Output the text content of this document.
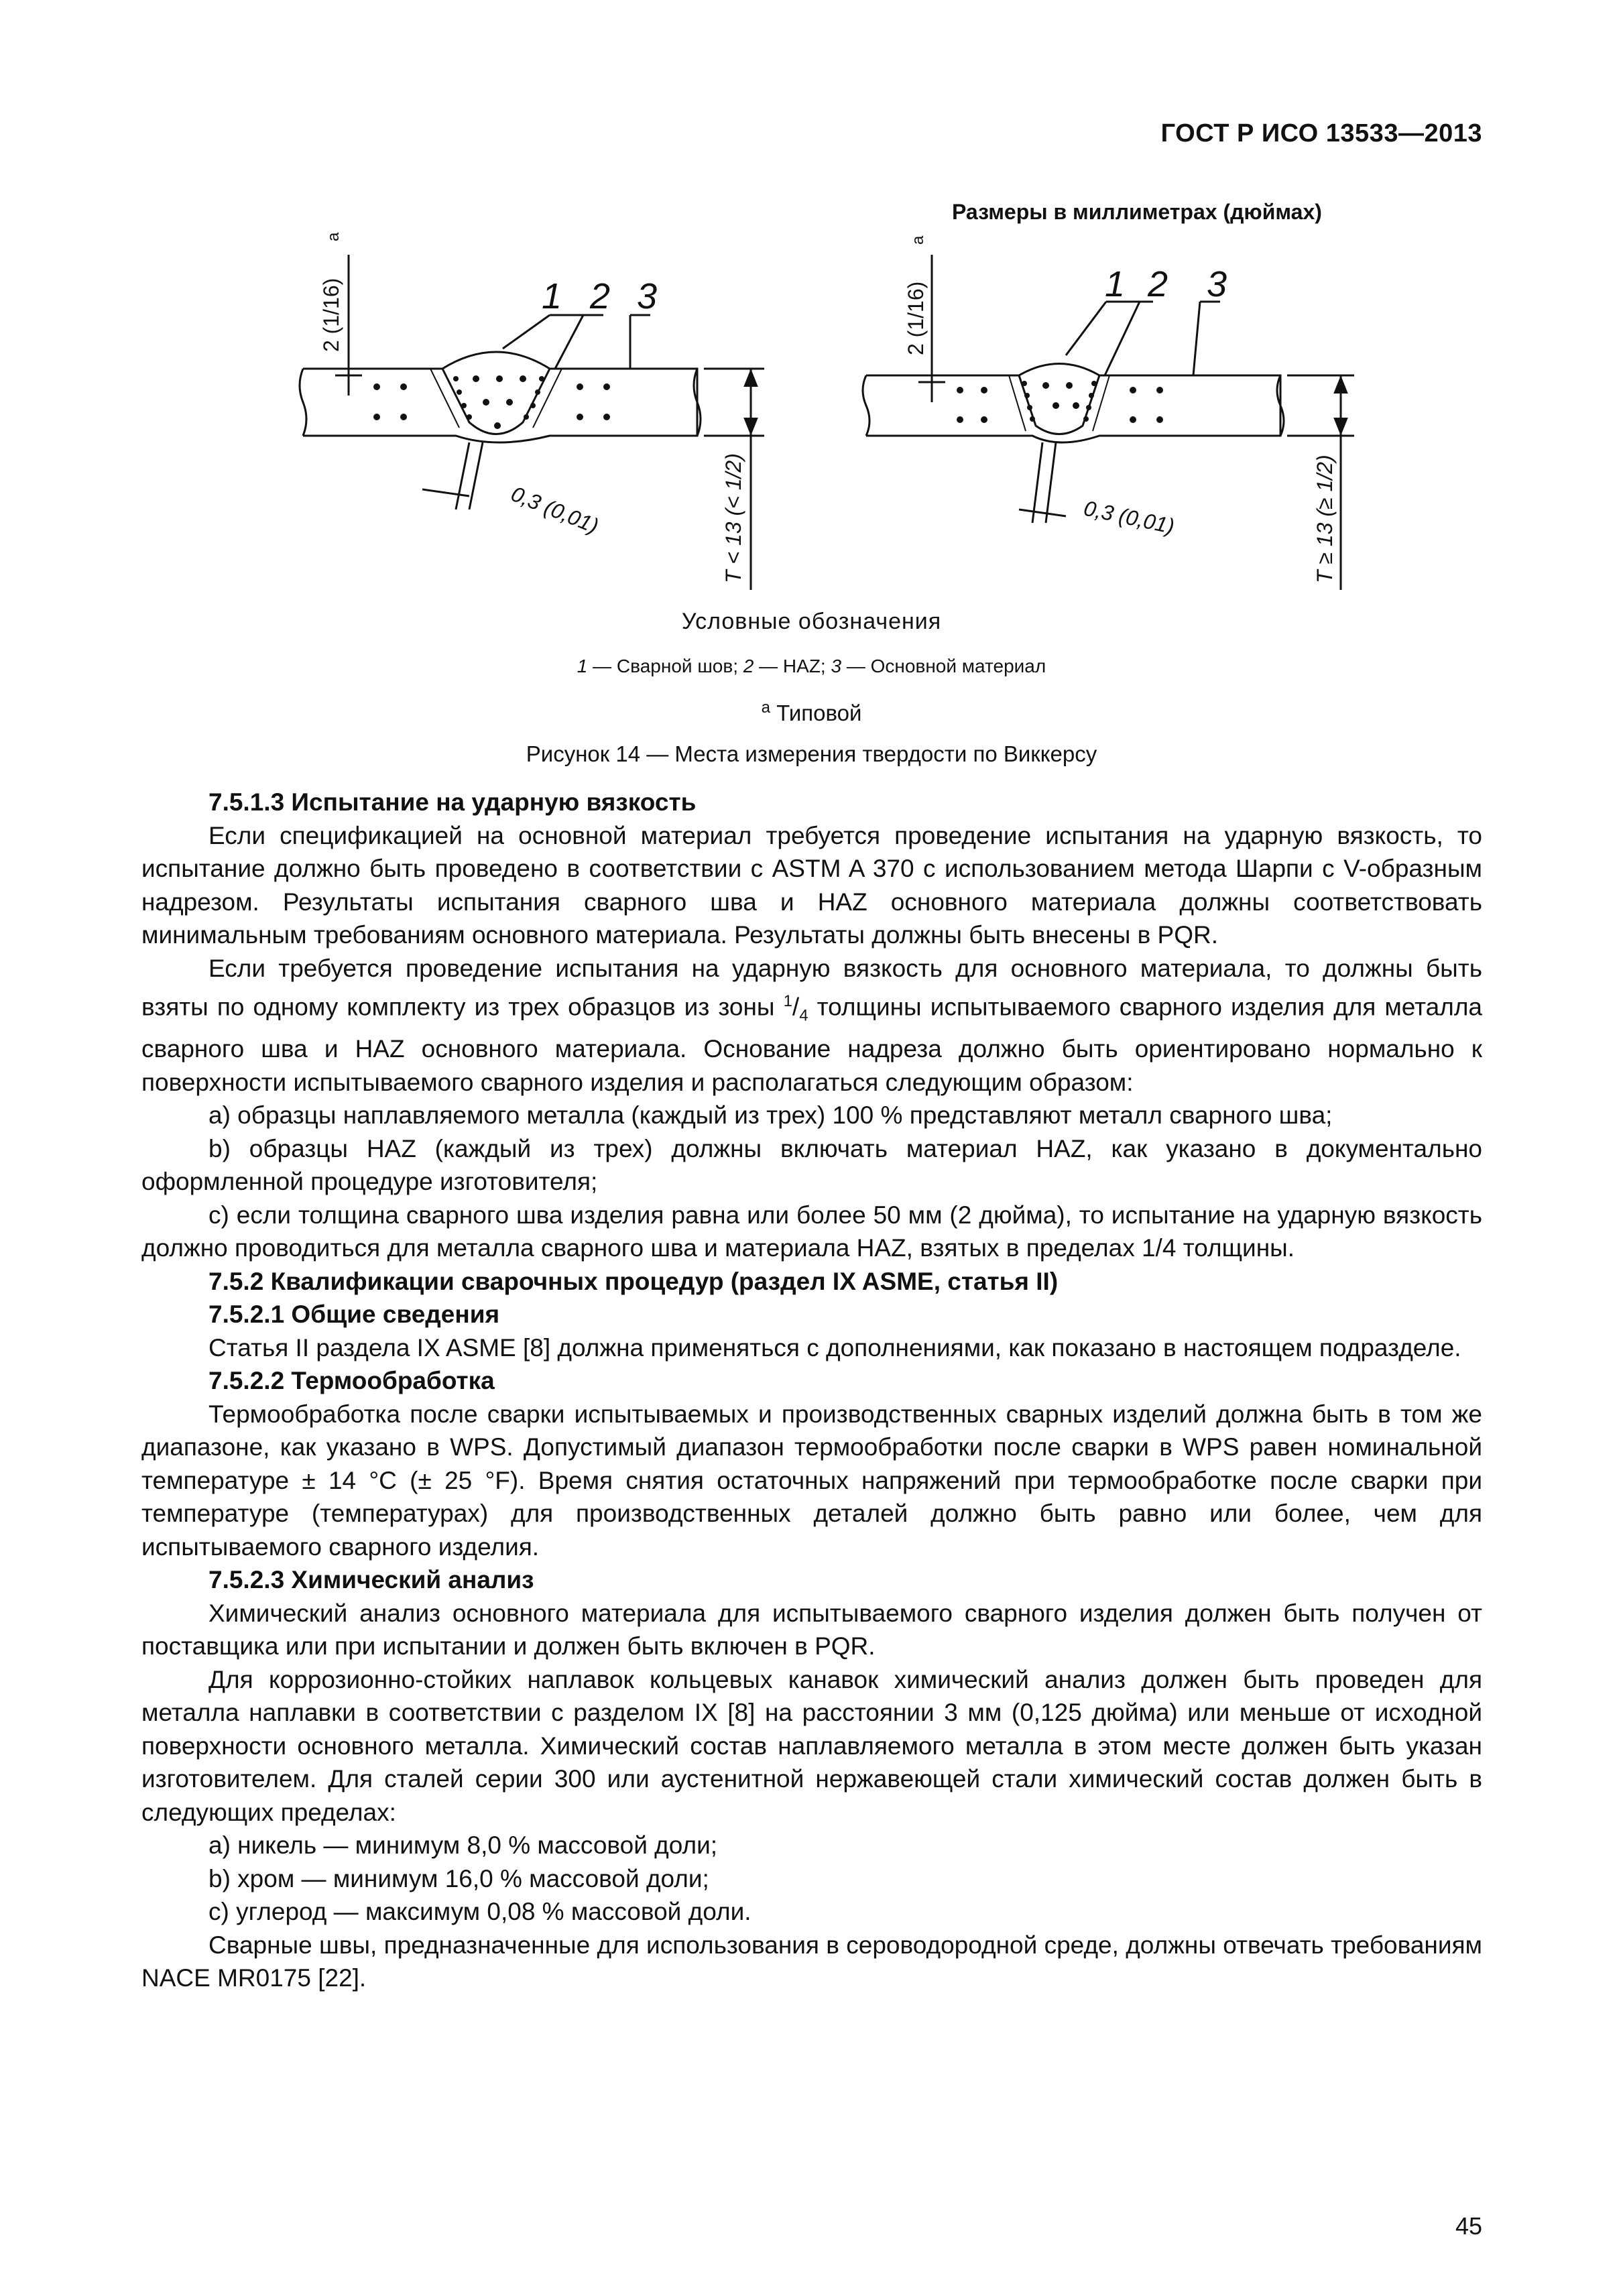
ГОСТ Р ИСО 13533—2013
Размеры в миллиметрах (дюймах)
1 2 3
2 (1/16)
а
0,3 (0,01)	T < 13 (< 1/2)
1 2 3
2 (1/16)
а
0,3 (0,01)	T ≥ 13 (≥ 1/2)
Условные обозначения
1 — Сварной шов; 2 — HAZ; 3 — Основной материал
$^а$ Типовой
Рисунок 14 — Места измерения твердости по Виккерсу

7.5.1.3 Испытание на ударную вязкость

Если спецификацией на основной материал требуется проведение испытания на ударную вязкость, то испытание должно быть проведено в соответствии с ASTM A 370 с использованием метода Шарпи с V-образным надрезом. Результаты испытания сварного шва и HAZ основного материала должны соответствовать минимальным требованиям основного материала. Результаты должны быть внесены в PQR.

Если требуется проведение испытания на ударную вязкость для основного материала, то должны быть взяты по одному комплекту из трех образцов из зоны $^1/_4$ толщины испытываемого сварного изделия для металла сварного шва и HAZ основного материала. Основание надреза должно быть ориентировано нормально к поверхности испытываемого сварного изделия и располагаться следующим образом:

а) образцы наплавляемого металла (каждый из трех) 100 % представляют металл сварного шва;

b) образцы HAZ (каждый из трех) должны включать материал HAZ, как указано в документально оформленной процедуре изготовителя;

c) если толщина сварного шва изделия равна или более 50 мм (2 дюйма), то испытание на ударную вязкость должно проводиться для металла сварного шва и материала HAZ, взятых в пределах 1/4 толщины.

7.5.2 Квалификации сварочных процедур (раздел IX ASME, статья II)

7.5.2.1 Общие сведения

Статья II раздела IX ASME [8] должна применяться с дополнениями, как показано в настоящем подразделе.

7.5.2.2 Термообработка

Термообработка после сварки испытываемых и производственных сварных изделий должна быть в том же диапазоне, как указано в WPS. Допустимый диапазон термообработки после сварки в WPS равен номинальной температуре ± 14 °C (± 25 °F). Время снятия остаточных напряжений при термообработке после сварки при температуре (температурах) для производственных деталей должно быть равно или более, чем для испытываемого сварного изделия.

7.5.2.3 Химический анализ

Химический анализ основного материала для испытываемого сварного изделия должен быть получен от поставщика или при испытании и должен быть включен в PQR.

Для коррозионно-стойких наплавок кольцевых канавок химический анализ должен быть проведен для металла наплавки в соответствии с разделом IX [8] на расстоянии 3 мм (0,125 дюйма) или меньше от исходной поверхности основного металла. Химический состав наплавляемого металла в этом месте должен быть указан изготовителем. Для сталей серии 300 или аустенитной нержавеющей стали химический состав должен быть в следующих пределах:

а) никель — минимум 8,0 % массовой доли;

b) хром — минимум 16,0 % массовой доли;

c) углерод — максимум 0,08 % массовой доли.

Сварные швы, предназначенные для использования в сероводородной среде, должны отвечать требованиям NACE MR0175 [22].

45
